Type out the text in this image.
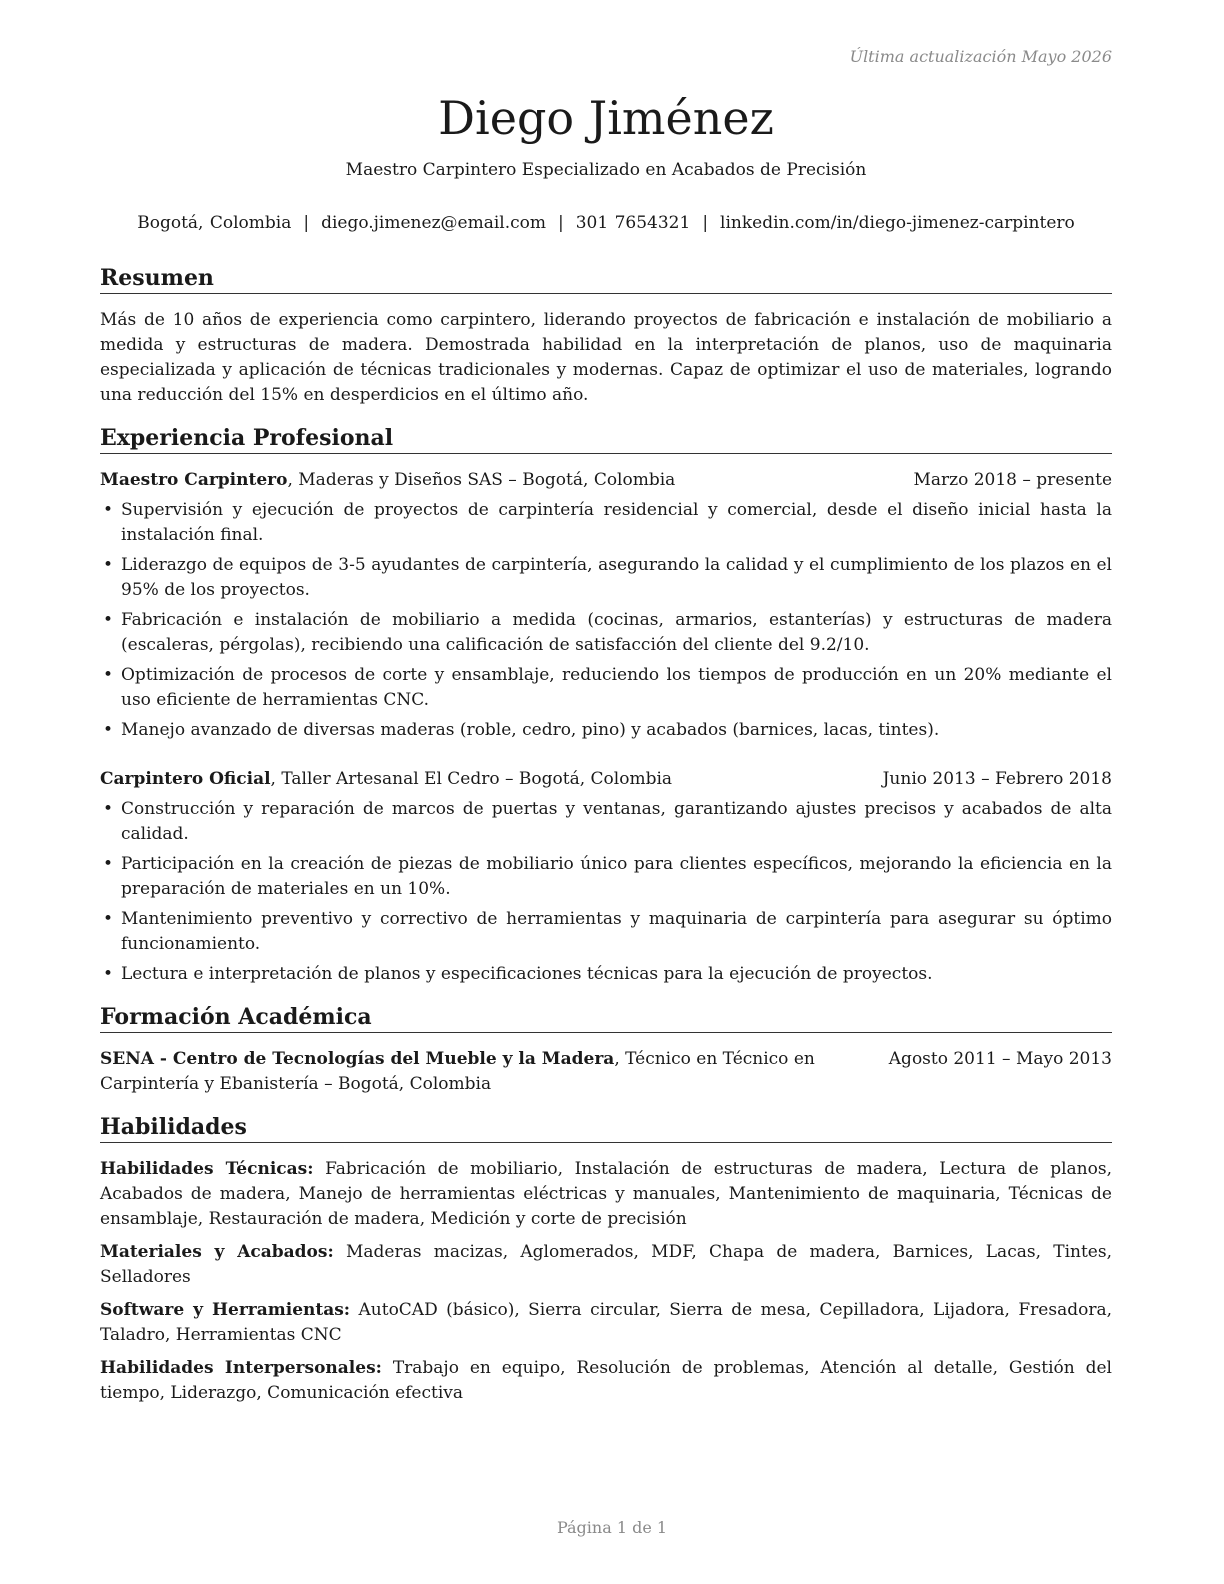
Última actualización Mayo 2026
Diego Jiménez
Maestro Carpintero Especializado en Acabados de Precisión
Bogotá, Colombia | diego.jimenez@email.com | 301 7654321 | linkedin.com/in/diego-jimenez-carpintero
Resumen
Más de 10 años de experiencia como carpintero, liderando proyectos de fabricación e instalación de mobiliario a medida y estructuras de madera. Demostrada habilidad en la interpretación de planos, uso de maquinaria especializada y aplicación de técnicas tradicionales y modernas. Capaz de optimizar el uso de materiales, logrando una reducción del 15% en desperdicios en el último año.
Experiencia Profesional
Maestro Carpintero, Maderas y Diseños SAS – Bogotá, Colombia	Marzo 2018 – presente
• Supervisión y ejecución de proyectos de carpintería residencial y comercial, desde el diseño inicial hasta la instalación final.
• Liderazgo de equipos de 3-5 ayudantes de carpintería, asegurando la calidad y el cumplimiento de los plazos en el 95% de los proyectos.
• Fabricación e instalación de mobiliario a medida (cocinas, armarios, estanterías) y estructuras de madera (escaleras, pérgolas), recibiendo una calificación de satisfacción del cliente del 9.2/10.
• Optimización de procesos de corte y ensamblaje, reduciendo los tiempos de producción en un 20% mediante el uso eficiente de herramientas CNC.
• Manejo avanzado de diversas maderas (roble, cedro, pino) y acabados (barnices, lacas, tintes).
Carpintero Oficial, Taller Artesanal El Cedro – Bogotá, Colombia	Junio 2013 – Febrero 2018
• Construcción y reparación de marcos de puertas y ventanas, garantizando ajustes precisos y acabados de alta calidad.
• Participación en la creación de piezas de mobiliario único para clientes específicos, mejorando la eficiencia en la preparación de materiales en un 10%.
• Mantenimiento preventivo y correctivo de herramientas y maquinaria de carpintería para asegurar su óptimo funcionamiento.
• Lectura e interpretación de planos y especificaciones técnicas para la ejecución de proyectos.
Formación Académica
SENA - Centro de Tecnologías del Mueble y la Madera, Técnico en Técnico en Carpintería y Ebanistería – Bogotá, Colombia
Agosto 2011 – Mayo 2013
Habilidades
Habilidades Técnicas: Fabricación de mobiliario, Instalación de estructuras de madera, Lectura de planos, Acabados de madera, Manejo de herramientas eléctricas y manuales, Mantenimiento de maquinaria, Técnicas de ensamblaje, Restauración de madera, Medición y corte de precisión
Materiales y Acabados: Maderas macizas, Aglomerados, MDF, Chapa de madera, Barnices, Lacas, Tintes, Selladores
Software y Herramientas: AutoCAD (básico), Sierra circular, Sierra de mesa, Cepilladora, Lijadora, Fresadora, Taladro, Herramientas CNC
Habilidades Interpersonales: Trabajo en equipo, Resolución de problemas, Atención al detalle, Gestión del tiempo, Liderazgo, Comunicación efectiva
Página 1 de 1
